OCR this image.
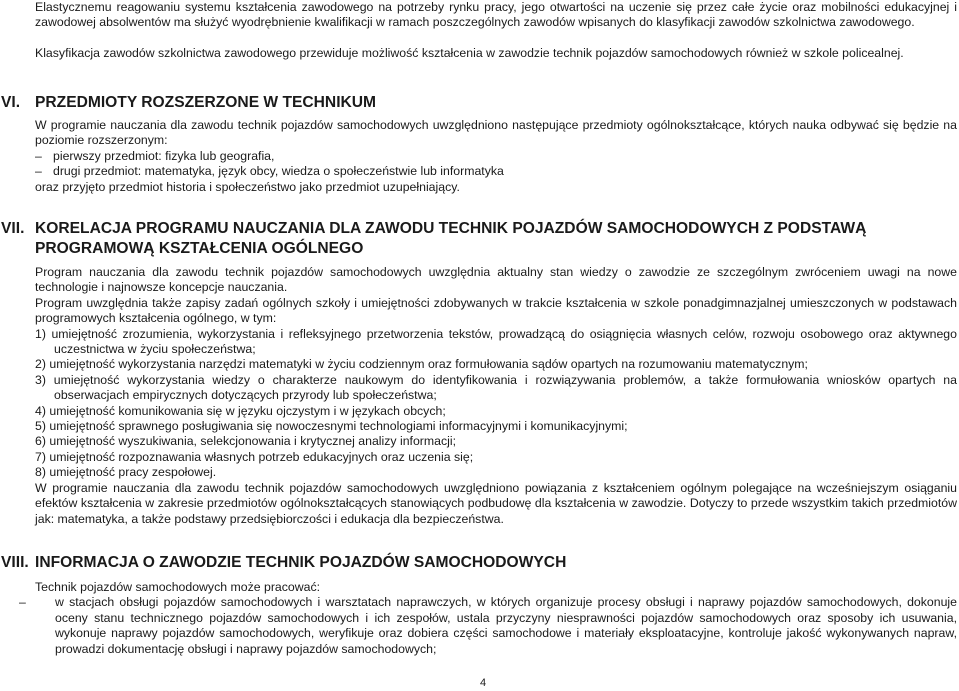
Elastycznemu reagowaniu systemu kształcenia zawodowego na potrzeby rynku pracy, jego otwartości na uczenie się przez całe życie oraz mobilności edukacyjnej i zawodowej absolwentów ma służyć wyodrębnienie kwalifikacji w ramach poszczególnych zawodów wpisanych do klasyfikacji zawodów szkolnictwa zawodowego.

Klasyfikacja zawodów szkolnictwa zawodowego przewiduje możliwość kształcenia w zawodzie technik pojazdów samochodowych również w szkole policealnej.

VI. PRZEDMIOTY ROZSZERZONE W TECHNIKUM
W programie nauczania dla zawodu technik pojazdów samochodowych uwzględniono następujące przedmioty ogólnokształcące, których nauka odbywać się będzie na poziomie rozszerzonym:
– pierwszy przedmiot: fizyka lub geografia,
– drugi przedmiot: matematyka, język obcy, wiedza o społeczeństwie lub informatyka
oraz przyjęto przedmiot historia i społeczeństwo jako przedmiot uzupełniający.
VII. KORELACJA PROGRAMU NAUCZANIA DLA ZAWODU TECHNIK POJAZDÓW SAMOCHODOWYCH Z PODSTAWĄ PROGRAMOWĄ KSZTAŁCENIA OGÓLNEGO
Program nauczania dla zawodu technik pojazdów samochodowych uwzględnia aktualny stan wiedzy o zawodzie ze szczególnym zwróceniem uwagi na nowe technologie i najnowsze koncepcje nauczania.
Program uwzględnia także zapisy zadań ogólnych szkoły i umiejętności zdobywanych w trakcie kształcenia w szkole ponadgimnazjalnej umieszczonych w podstawach programowych kształcenia ogólnego, w tym:
1) umiejętność zrozumienia, wykorzystania i refleksyjnego przetworzenia tekstów, prowadzącą do osiągnięcia własnych celów, rozwoju osobowego oraz aktywnego uczestnictwa w życiu społeczeństwa;
2) umiejętność wykorzystania narzędzi matematyki w życiu codziennym oraz formułowania sądów opartych na rozumowaniu matematycznym;
3) umiejętność wykorzystania wiedzy o charakterze naukowym do identyfikowania i rozwiązywania problemów, a także formułowania wniosków opartych na obserwacjach empirycznych dotyczących przyrody lub społeczeństwa;
4) umiejętność komunikowania się w języku ojczystym i w językach obcych;
5) umiejętność sprawnego posługiwania się nowoczesnymi technologiami informacyjnymi i komunikacyjnymi;
6) umiejętność wyszukiwania, selekcjonowania i krytycznej analizy informacji;
7) umiejętność rozpoznawania własnych potrzeb edukacyjnych oraz uczenia się;
8) umiejętność pracy zespołowej.
W programie nauczania dla zawodu technik pojazdów samochodowych uwzględniono powiązania z kształceniem ogólnym polegające na wcześniejszym osiąganiu efektów kształcenia w zakresie przedmiotów ogólnokształcących stanowiących podbudowę dla kształcenia w zawodzie. Dotyczy to przede wszystkim takich przedmiotów jak: matematyka, a także podstawy przedsiębiorczości i edukacja dla bezpieczeństwa.
VIII. INFORMACJA O ZAWODZIE TECHNIK POJAZDÓW SAMOCHODOWYCH
Technik pojazdów samochodowych może pracować:
– w stacjach obsługi pojazdów samochodowych i warsztatach naprawczych, w których organizuje procesy obsługi i naprawy pojazdów samochodowych, dokonuje oceny stanu technicznego pojazdów samochodowych i ich zespołów, ustala przyczyny niesprawności pojazdów samochodowych oraz sposoby ich usuwania, wykonuje naprawy pojazdów samochodowych, weryfikuje oraz dobiera części samochodowe i materiały eksploatacyjne, kontroluje jakość wykonywanych napraw, prowadzi dokumentację obsługi i naprawy pojazdów samochodowych;
4
